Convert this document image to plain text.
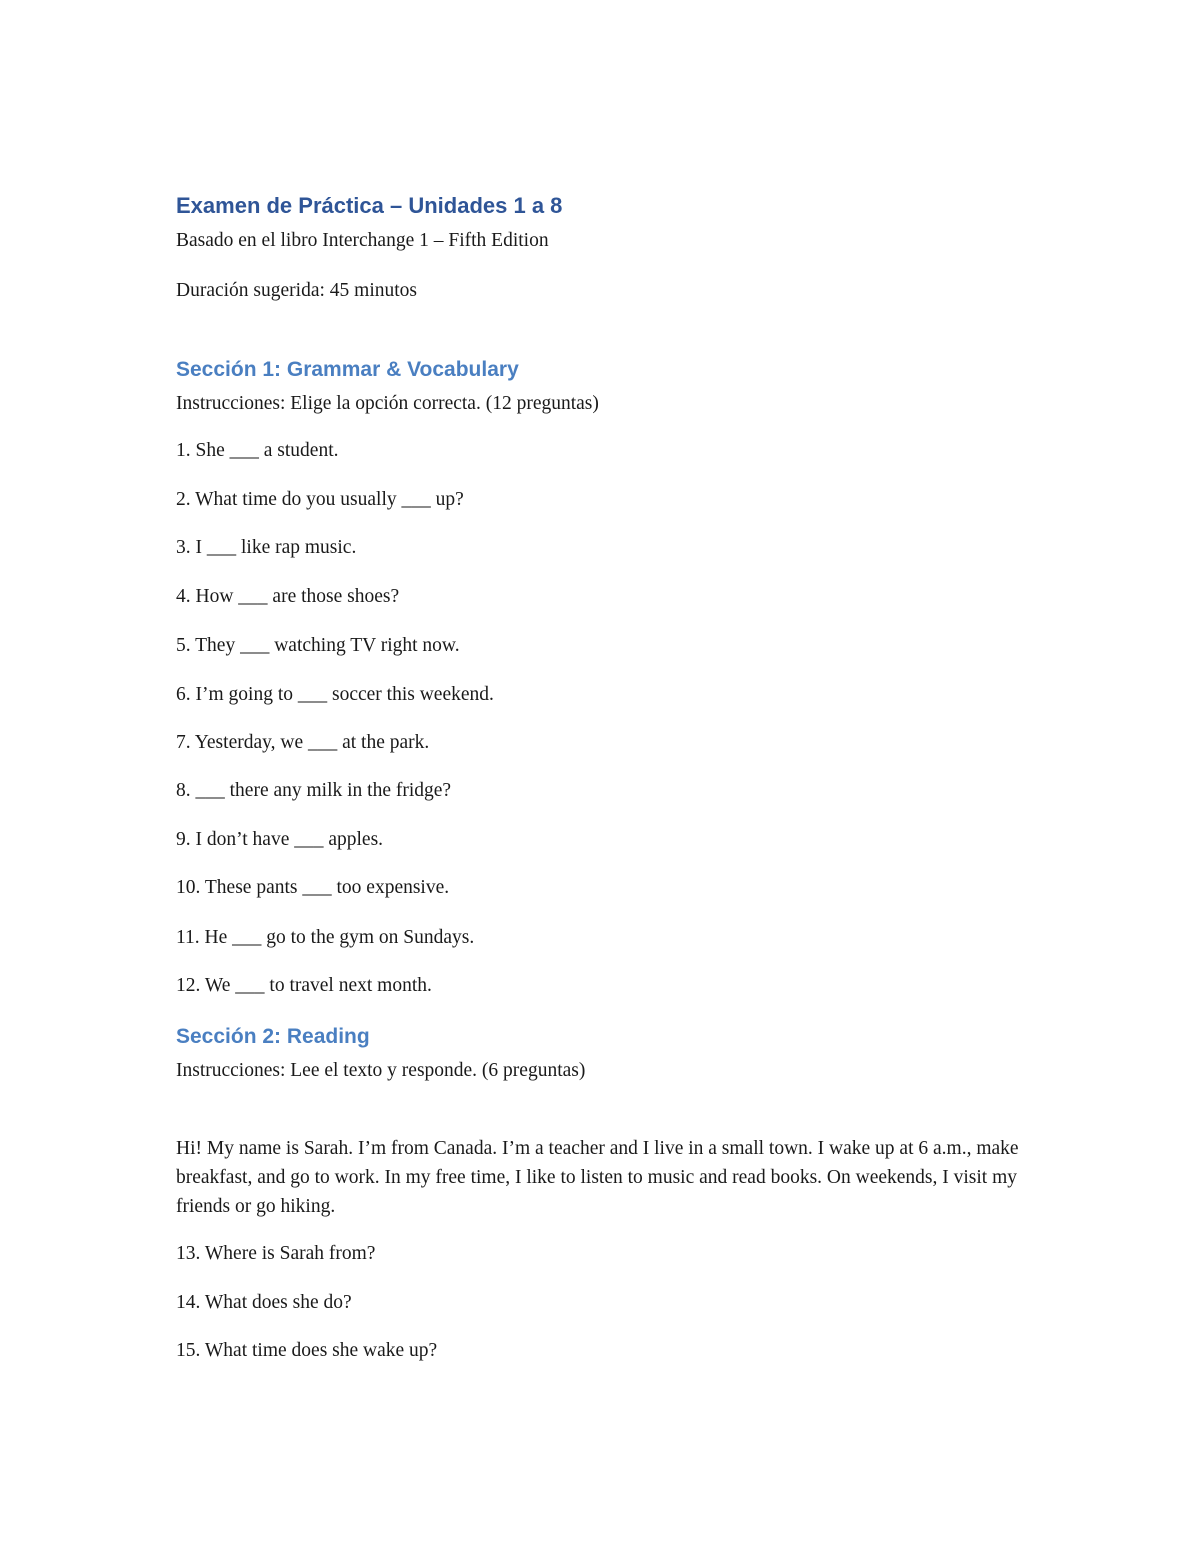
Examen de Práctica – Unidades 1 a 8
Basado en el libro Interchange 1 – Fifth Edition
Duración sugerida: 45 minutos
Sección 1: Grammar & Vocabulary
Instrucciones: Elige la opción correcta. (12 preguntas)
1. She ___ a student.
2. What time do you usually ___ up?
3. I ___ like rap music.
4. How ___ are those shoes?
5. They ___ watching TV right now.
6. I’m going to ___ soccer this weekend.
7. Yesterday, we ___ at the park.
8. ___ there any milk in the fridge?
9. I don’t have ___ apples.
10. These pants ___ too expensive.
11. He ___ go to the gym on Sundays.
12. We ___ to travel next month.
Sección 2: Reading
Instrucciones: Lee el texto y responde. (6 preguntas)
Hi! My name is Sarah. I’m from Canada. I’m a teacher and I live in a small town. I wake up at 6 a.m., make breakfast, and go to work. In my free time, I like to listen to music and read books. On weekends, I visit my friends or go hiking.
13. Where is Sarah from?
14. What does she do?
15. What time does she wake up?
